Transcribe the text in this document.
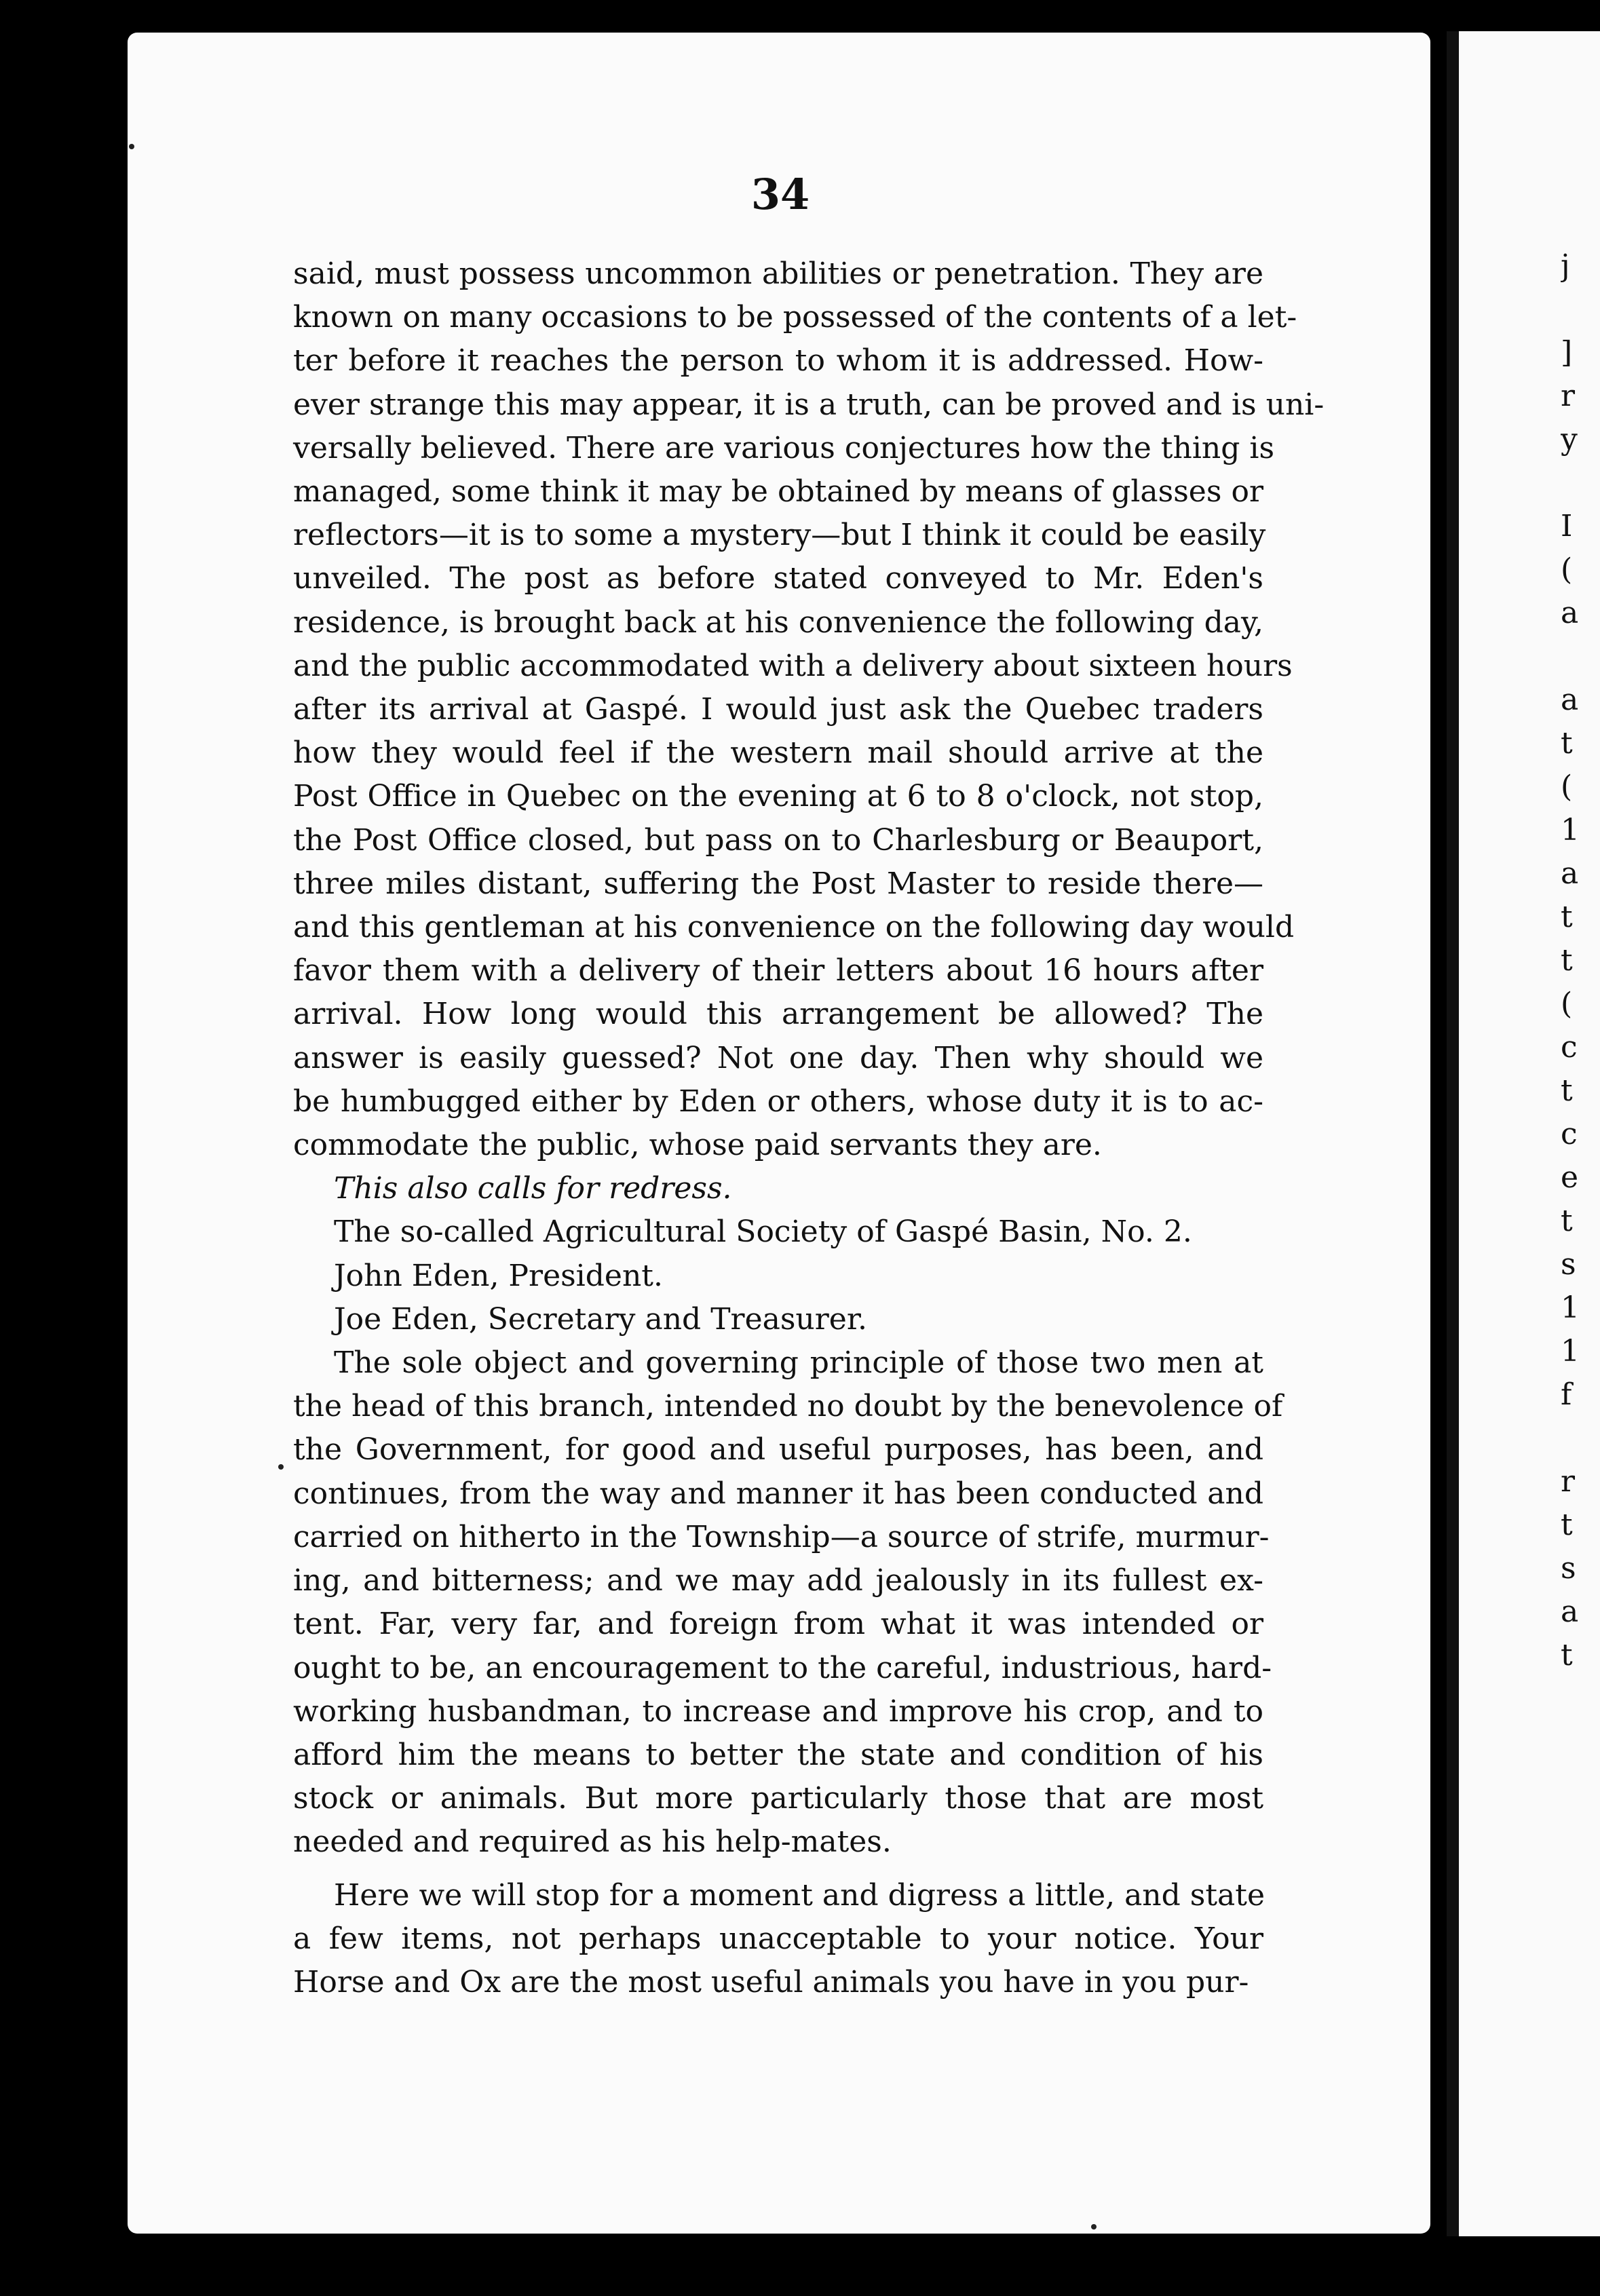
j
]
r
y
I
(
a
a
t
(
1
a
t
t
(
c
t
c
e
t
s
1
1
f
r
t
s
a
t
34

said, must possess uncommon abilities or penetration. They are
known on many occasions to be possessed of the contents of a let-
ter before it reaches the person to whom it is addressed. How-
ever strange this may appear, it is a truth, can be proved and is uni-
versally believed. There are various conjectures how the thing is
managed, some think it may be obtained by means of glasses or
reflectors—it is to some a mystery—but I think it could be easily
unveiled. The post as before stated conveyed to Mr. Eden's
residence, is brought back at his convenience the following day,
and the public accommodated with a delivery about sixteen hours
after its arrival at Gaspé. I would just ask the Quebec traders
how they would feel if the western mail should arrive at the
Post Office in Quebec on the evening at 6 to 8 o'clock, not stop,
the Post Office closed, but pass on to Charlesburg or Beauport,
three miles distant, suffering the Post Master to reside there—
and this gentleman at his convenience on the following day would
favor them with a delivery of their letters about 16 hours after
arrival. How long would this arrangement be allowed? The
answer is easily guessed? Not one day. Then why should we
be humbugged either by Eden or others, whose duty it is to ac-
commodate the public, whose paid servants they are.

This also calls for redress.

The so-called Agricultural Society of Gaspé Basin, No. 2.

John Eden, President.

Joe Eden, Secretary and Treasurer.

The sole object and governing principle of those two men at
the head of this branch, intended no doubt by the benevolence of
the Government, for good and useful purposes, has been, and
continues, from the way and manner it has been conducted and
carried on hitherto in the Township—a source of strife, murmur-
ing, and bitterness; and we may add jealously in its fullest ex-
tent. Far, very far, and foreign from what it was intended or
ought to be, an encouragement to the careful, industrious, hard-
working husbandman, to increase and improve his crop, and to
afford him the means to better the state and condition of his
stock or animals. But more particularly those that are most
needed and required as his help-mates.

Here we will stop for a moment and digress a little, and state
a few items, not perhaps unacceptable to your notice. Your
Horse and Ox are the most useful animals you have in you pur-
